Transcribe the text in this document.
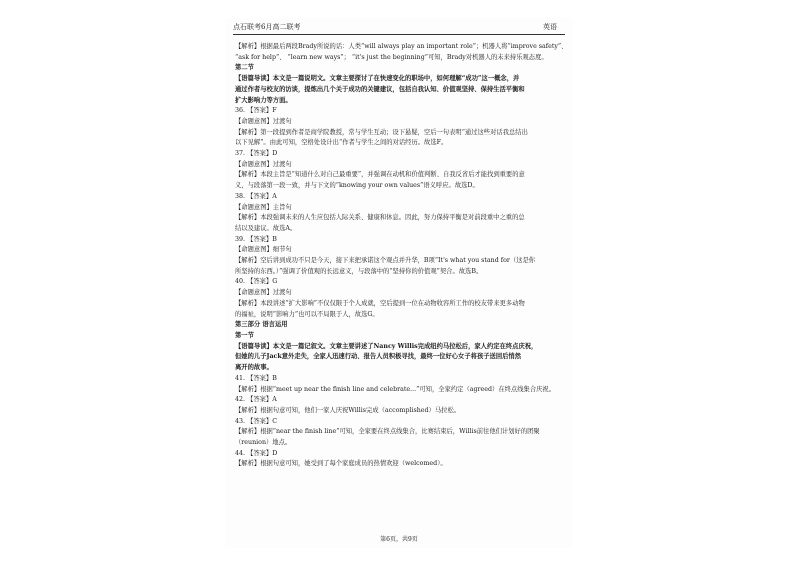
点石联考6月高二联考	英语
【解析】根据最后两段Brady所说的话：人类“will always play an important role”；机器人将“improve safety”、
“ask for help”、 “learn new ways”； “it's just the beginning”可知，Brady对机器人的未来持乐观态度。
第二节
【语篇导读】本文是一篇说明文。文章主要探讨了在快速变化的职场中，如何理解“成功”这一概念，并
通过作者与校友的访谈，提炼出几个关于成功的关键建议，包括自我认知、价值观坚持、保持生活平衡和
扩大影响力等方面。
36. 【答案】F
【命题意图】过渡句
【解析】第一段提到作者是商学院教授，常与学生互动；设下悬疑，空后一句表明“通过这些对话我总结出
以下见解”。由此可知，空格处设计出“作者与学生之间的对话经历。故选F。
37. 【答案】D
【命题意图】过渡句
【解析】本段主旨是“知道什么对自己最重要”，并强调在动机和价值判断、自我反省后才能找到重要的意
义，与段落第一段一致，并与下文的“knowing your own values”语义呼应。故选D。
38. 【答案】A
【命题意图】主旨句
【解析】本段强调未来的人生应包括人际关系、健康和休息。因此，努力保持平衡是对前段重中之重的总
结以及建议。故选A。
39. 【答案】B
【命题意图】细节句
【解析】空后讲到成功不只是今天，接下来把承诺这个观点并升华，B项“It's what you stand for（这是你
所坚持的东西。）”强调了价值观的长远意义，与段落中的“坚持你的价值观”契合。故选B。
40. 【答案】G
【命题意图】过渡句
【解析】本段讲述“扩大影响”不仅仅限于个人成就，空后提到一位在动物收容所工作的校友带来更多动物
的福祉，说明“影响力”也可以不局限于人，故选G。
第三部分 语言运用
第一节
【语篇导读】本文是一篇记叙文。文章主要讲述了Nancy Willis完成纽约马拉松后，家人约定在终点庆祝，
但她的儿子Jack意外走失，全家人迅速行动、报告人员积极寻找，最终一位好心女子将孩子送回后悄然
离开的故事。
41. 【答案】B
【解析】根据“meet up near the finish line and celebrate...”可知，全家约定（agreed）在终点线集合庆祝。
42. 【答案】A
【解析】根据句意可知，他们一家人庆祝Willis完成（accomplished）马拉松。
43. 【答案】C
【解析】根据“near the finish line”可知，全家要在终点线集合，比赛结束后，Willis前往他们计划好的团聚
（reunion）地点。
44. 【答案】D
【解析】根据句意可知，她受到了每个家庭成员的热情欢迎（welcomed）。
第6页，共9页
